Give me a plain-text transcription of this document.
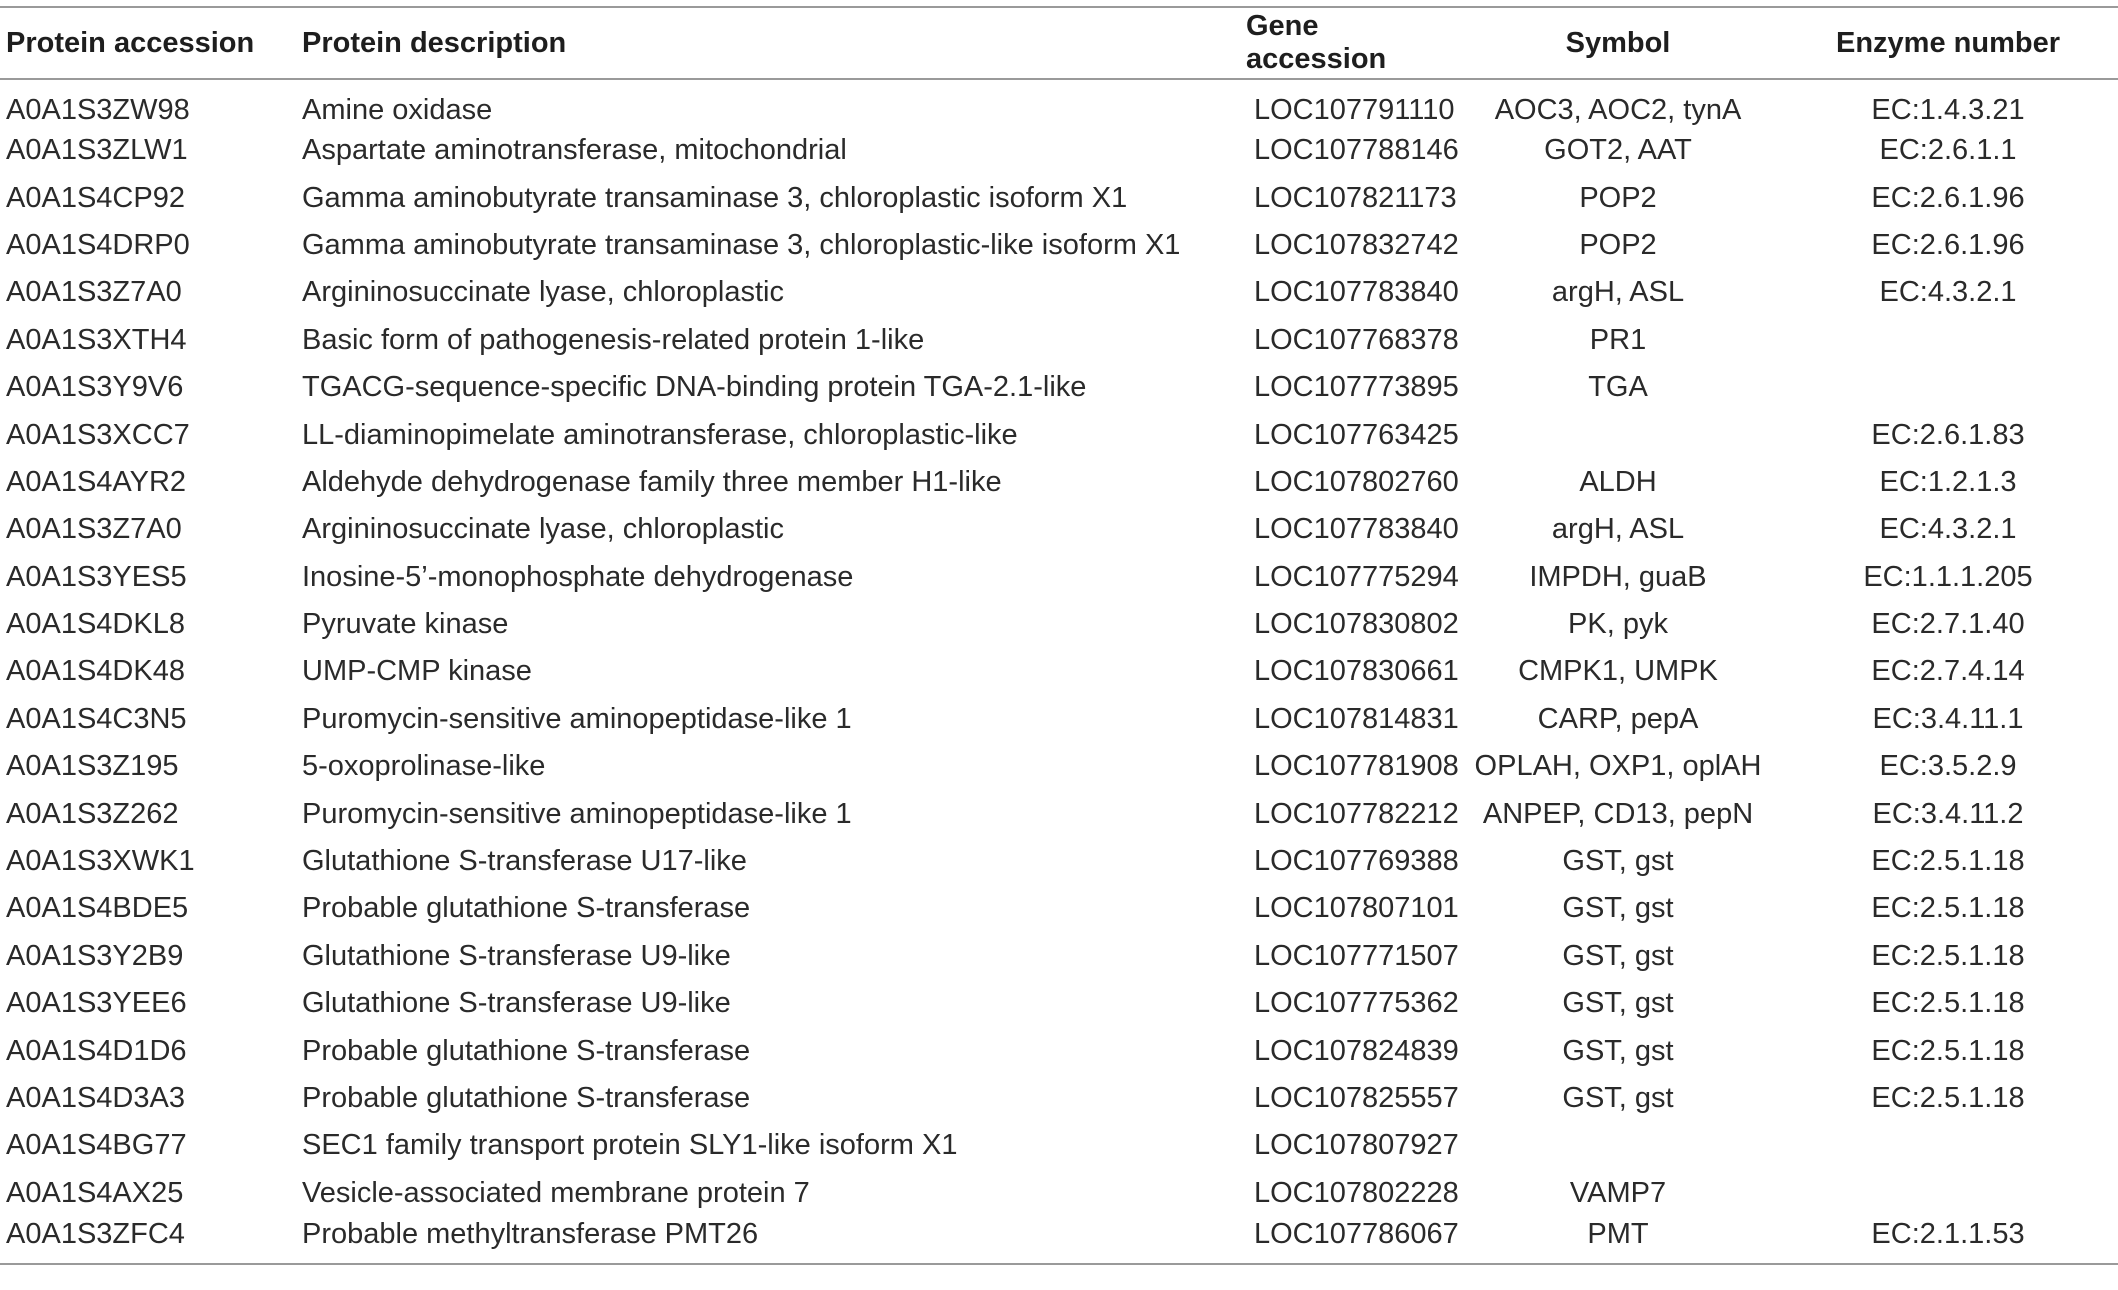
Protein accession	Protein description	Gene accession	Symbol	Enzyme number
A0A1S3ZW98	Amine oxidase	LOC107791110	AOC3, AOC2, tynA	EC:1.4.3.21
A0A1S3ZLW1	Aspartate aminotransferase, mitochondrial	LOC107788146	GOT2, AAT	EC:2.6.1.1
A0A1S4CP92	Gamma aminobutyrate transaminase 3, chloroplastic isoform X1	LOC107821173	POP2	EC:2.6.1.96
A0A1S4DRP0	Gamma aminobutyrate transaminase 3, chloroplastic-like isoform X1	LOC107832742	POP2	EC:2.6.1.96
A0A1S3Z7A0	Argininosuccinate lyase, chloroplastic	LOC107783840	argH, ASL	EC:4.3.2.1
A0A1S3XTH4	Basic form of pathogenesis-related protein 1-like	LOC107768378	PR1	
A0A1S3Y9V6	TGACG-sequence-specific DNA-binding protein TGA-2.1-like	LOC107773895	TGA	
A0A1S3XCC7	LL-diaminopimelate aminotransferase, chloroplastic-like	LOC107763425		EC:2.6.1.83
A0A1S4AYR2	Aldehyde dehydrogenase family three member H1-like	LOC107802760	ALDH	EC:1.2.1.3
A0A1S3Z7A0	Argininosuccinate lyase, chloroplastic	LOC107783840	argH, ASL	EC:4.3.2.1
A0A1S3YES5	Inosine-5’-monophosphate dehydrogenase	LOC107775294	IMPDH, guaB	EC:1.1.1.205
A0A1S4DKL8	Pyruvate kinase	LOC107830802	PK, pyk	EC:2.7.1.40
A0A1S4DK48	UMP-CMP kinase	LOC107830661	CMPK1, UMPK	EC:2.7.4.14
A0A1S4C3N5	Puromycin-sensitive aminopeptidase-like 1	LOC107814831	CARP, pepA	EC:3.4.11.1
A0A1S3Z195	5-oxoprolinase-like	LOC107781908	OPLAH, OXP1, oplAH	EC:3.5.2.9
A0A1S3Z262	Puromycin-sensitive aminopeptidase-like 1	LOC107782212	ANPEP, CD13, pepN	EC:3.4.11.2
A0A1S3XWK1	Glutathione S-transferase U17-like	LOC107769388	GST, gst	EC:2.5.1.18
A0A1S4BDE5	Probable glutathione S-transferase	LOC107807101	GST, gst	EC:2.5.1.18
A0A1S3Y2B9	Glutathione S-transferase U9-like	LOC107771507	GST, gst	EC:2.5.1.18
A0A1S3YEE6	Glutathione S-transferase U9-like	LOC107775362	GST, gst	EC:2.5.1.18
A0A1S4D1D6	Probable glutathione S-transferase	LOC107824839	GST, gst	EC:2.5.1.18
A0A1S4D3A3	Probable glutathione S-transferase	LOC107825557	GST, gst	EC:2.5.1.18
A0A1S4BG77	SEC1 family transport protein SLY1-like isoform X1	LOC107807927		
A0A1S4AX25	Vesicle-associated membrane protein 7	LOC107802228	VAMP7	
A0A1S3ZFC4	Probable methyltransferase PMT26	LOC107786067	PMT	EC:2.1.1.53
